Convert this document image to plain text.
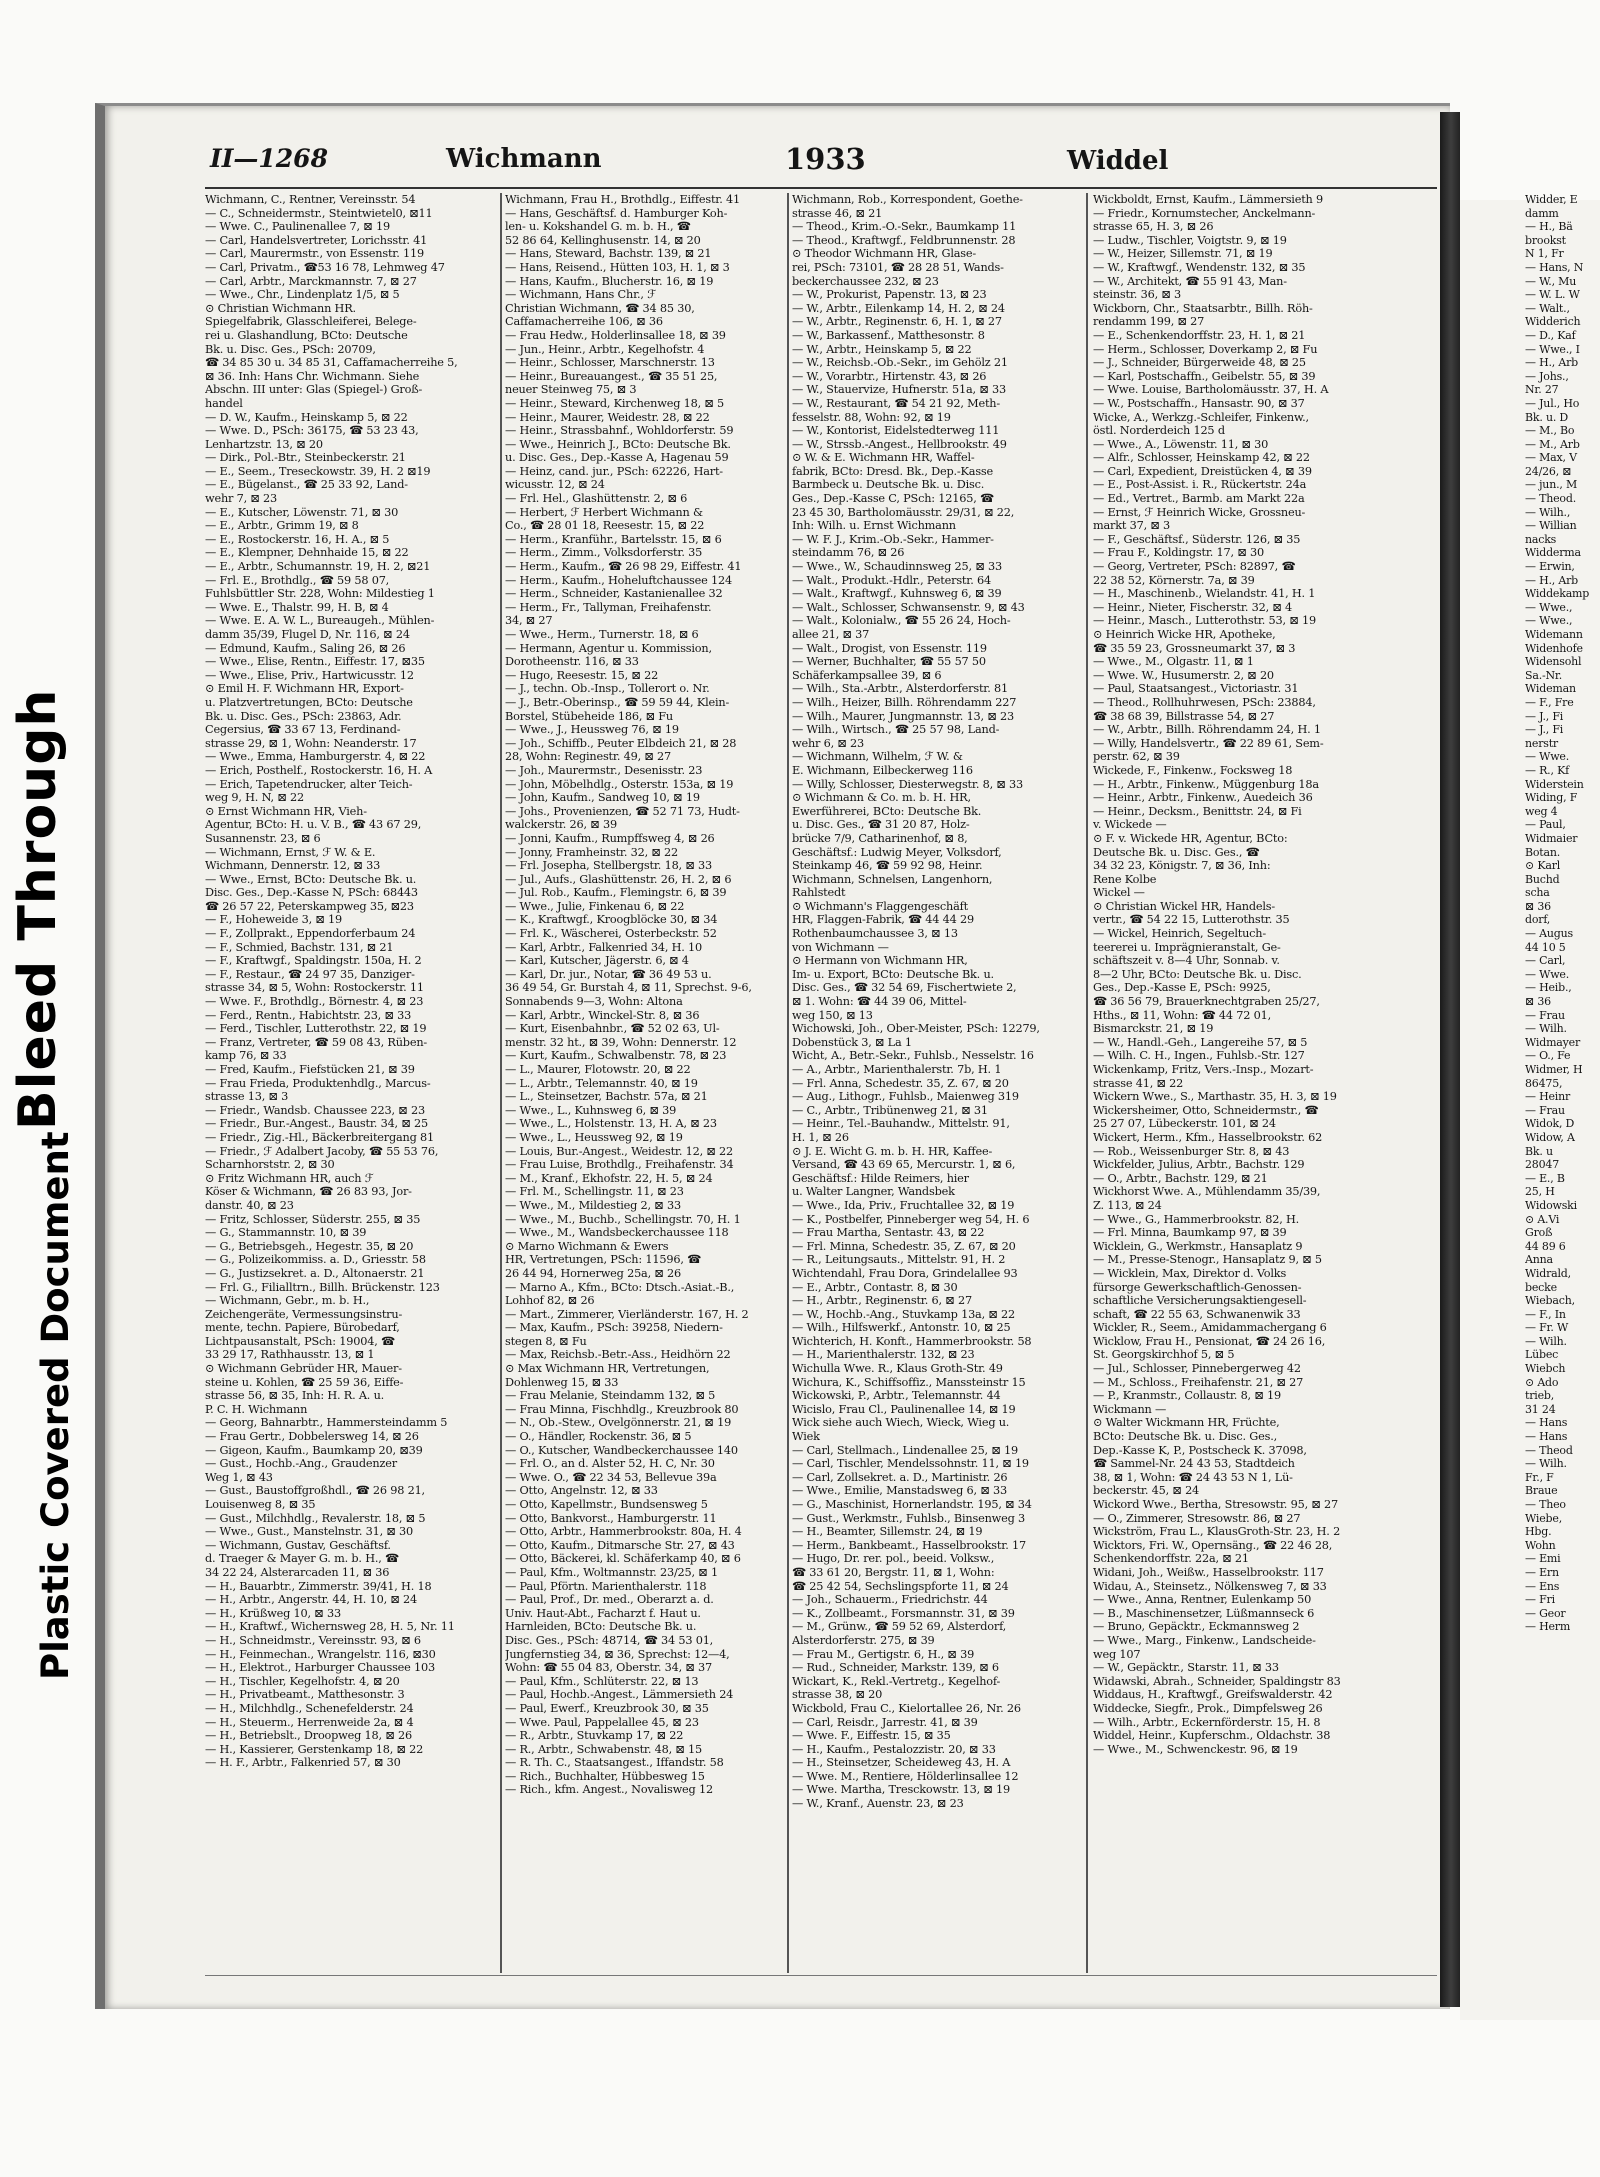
Bleed Through
Plastic Covered Document
II—1268	Wichmann	1933	Widdel
Wichmann, C., Rentner, Vereinsstr. 54
— C., Schneidermstr., Steintwietel0, ⊠11
— Wwe. C., Paulinenallee 7, ⊠ 19
— Carl, Handelsvertreter, Lorichsstr. 41
— Carl, Maurermstr., von Essenstr. 119
— Carl, Privatm., ☎53 16 78, Lehmweg 47
— Carl, Arbtr., Marckmannstr. 7, ⊠ 27
— Wwe., Chr., Lindenplatz 1/5, ⊠ 5
⊙ Christian Wichmann HR.
Spiegelfabrik, Glasschleiferei, Belege-
rei u. Glashandlung, BCto: Deutsche
Bk. u. Disc. Ges., PSch: 20709,
☎ 34 85 30 u. 34 85 31, Caffamacherreihe 5,
⊠ 36. Inh: Hans Chr. Wichmann. Siehe
Abschn. III unter: Glas (Spiegel-) Groß-
handel
— D. W., Kaufm., Heinskamp 5, ⊠ 22
— Wwe. D., PSch: 36175, ☎ 53 23 43,
Lenhartzstr. 13, ⊠ 20
— Dirk., Pol.-Btr., Steinbeckerstr. 21
— E., Seem., Treseckowstr. 39, H. 2 ⊠19
— E., Bügelanst., ☎ 25 33 92, Land-
wehr 7, ⊠ 23
— E., Kutscher, Löwenstr. 71, ⊠ 30
— E., Arbtr., Grimm 19, ⊠ 8
— E., Rostockerstr. 16, H. A., ⊠ 5
— E., Klempner, Dehnhaide 15, ⊠ 22
— E., Arbtr., Schumannstr. 19, H. 2, ⊠21
— Frl. E., Brothdlg., ☎ 59 58 07,
Fuhlsbüttler Str. 228, Wohn: Mildestieg 1
— Wwe. E., Thalstr. 99, H. B, ⊠ 4
— Wwe. E. A. W. L., Bureaugeh., Mühlen-
damm 35/39, Flugel D, Nr. 116, ⊠ 24
— Edmund, Kaufm., Saling 26, ⊠ 26
— Wwe., Elise, Rentn., Eiffestr. 17, ⊠35
— Wwe., Elise, Priv., Hartwicusstr. 12
⊙ Emil H. F. Wichmann HR, Export-
u. Platzvertretungen, BCto: Deutsche
Bk. u. Disc. Ges., PSch: 23863, Adr.
Cegersius, ☎ 33 67 13, Ferdinand-
strasse 29, ⊠ 1, Wohn: Neanderstr. 17
— Wwe., Emma, Hamburgerstr. 4, ⊠ 22
— Erich, Posthelf., Rostockerstr. 16, H. A
— Erich, Tapetendrucker, alter Teich-
weg 9, H. N, ⊠ 22
⊙ Ernst Wichmann HR, Vieh-
Agentur, BCto: H. u. V. B., ☎ 43 67 29,
Susannenstr. 23, ⊠ 6
— Wichmann, Ernst, ℱ W. & E.
Wichmann, Dennerstr. 12, ⊠ 33
— Wwe., Ernst, BCto: Deutsche Bk. u.
Disc. Ges., Dep.-Kasse N, PSch: 68443
☎ 26 57 22, Peterskampweg 35, ⊠23
— F., Hoheweide 3, ⊠ 19
— F., Zollprakt., Eppendorferbaum 24
— F., Schmied, Bachstr. 131, ⊠ 21
— F., Kraftwgf., Spaldingstr. 150a, H. 2
— F., Restaur., ☎ 24 97 35, Danziger-
strasse 34, ⊠ 5, Wohn: Rostockerstr. 11
— Wwe. F., Brothdlg., Börnestr. 4, ⊠ 23
— Ferd., Rentn., Habichtstr. 23, ⊠ 33
— Ferd., Tischler, Lutterothstr. 22, ⊠ 19
— Franz, Vertreter, ☎ 59 08 43, Rüben-
kamp 76, ⊠ 33
— Fred, Kaufm., Fiefstücken 21, ⊠ 39
— Frau Frieda, Produktenhdlg., Marcus-
strasse 13, ⊠ 3
— Friedr., Wandsb. Chaussee 223, ⊠ 23
— Friedr., Bur.-Angest., Baustr. 34, ⊠ 25
— Friedr., Zig.-Hl., Bäckerbreitergang 81
— Friedr., ℱ Adalbert Jacoby, ☎ 55 53 76,
Scharnhorststr. 2, ⊠ 30
⊙ Fritz Wichmann HR, auch ℱ
Köser & Wichmann, ☎ 26 83 93, Jor-
danstr. 40, ⊠ 23
— Fritz, Schlosser, Süderstr. 255, ⊠ 35
— G., Stammannstr. 10, ⊠ 39
— G., Betriebsgeh., Hegestr. 35, ⊠ 20
— G., Polizeikommiss. a. D., Griesstr. 58
— G., Justizsekret. a. D., Altonaerstr. 21
— Frl. G., Filialltrn., Billh. Brückenstr. 123
— Wichmann, Gebr., m. b. H.,
Zeichengeräte, Vermessungsinstru-
mente, techn. Papiere, Bürobedarf,
Lichtpausanstalt, PSch: 19004, ☎
33 29 17, Rathhausstr. 13, ⊠ 1
⊙ Wichmann Gebrüder HR, Mauer-
steine u. Kohlen, ☎ 25 59 36, Eiffe-
strasse 56, ⊠ 35, Inh: H. R. A. u.
P. C. H. Wichmann
— Georg, Bahnarbtr., Hammersteindamm 5
— Frau Gertr., Dobbelersweg 14, ⊠ 26
— Gigeon, Kaufm., Baumkamp 20, ⊠39
— Gust., Hochb.-Ang., Graudenzer
Weg 1, ⊠ 43
— Gust., Baustoffgroßhdl., ☎ 26 98 21,
Louisenweg 8, ⊠ 35
— Gust., Milchhdlg., Revalerstr. 18, ⊠ 5
— Wwe., Gust., Manstelnstr. 31, ⊠ 30
— Wichmann, Gustav, Geschäftsf.
d. Traeger & Mayer G. m. b. H., ☎
34 22 24, Alsterarcaden 11, ⊠ 36
— H., Bauarbtr., Zimmerstr. 39/41, H. 18
— H., Arbtr., Angerstr. 44, H. 10, ⊠ 24
— H., Krüßweg 10, ⊠ 33
— H., Kraftwf., Wichernsweg 28, H. 5, Nr. 11
— H., Schneidmstr., Vereinsstr. 93, ⊠ 6
— H., Feinmechan., Wrangelstr. 116, ⊠30
— H., Elektrot., Harburger Chaussee 103
— H., Tischler, Kegelhofstr. 4, ⊠ 20
— H., Privatbeamt., Matthesonstr. 3
— H., Milchhdlg., Schenefelderstr. 24
— H., Steuerm., Herrenweide 2a, ⊠ 4
— H., Betriebslt., Droopweg 18, ⊠ 26
— H., Kassierer, Gerstenkamp 18, ⊠ 22
— H. F., Arbtr., Falkenried 57, ⊠ 30
Wichmann, Frau H., Brothdlg., Eiffestr. 41
— Hans, Geschäftsf. d. Hamburger Koh-
len- u. Kokshandel G. m. b. H., ☎
52 86 64, Kellinghusenstr. 14, ⊠ 20
— Hans, Steward, Bachstr. 139, ⊠ 21
— Hans, Reisend., Hütten 103, H. 1, ⊠ 3
— Hans, Kaufm., Blucherstr. 16, ⊠ 19
— Wichmann, Hans Chr., ℱ
Christian Wichmann, ☎ 34 85 30,
Caffamacherreihe 106, ⊠ 36
— Frau Hedw., Holderlinsallee 18, ⊠ 39
— Jun., Heinr., Arbtr., Kegelhofstr. 4
— Heinr., Schlosser, Marschnerstr. 13
— Heinr., Bureauangest., ☎ 35 51 25,
neuer Steinweg 75, ⊠ 3
— Heinr., Steward, Kirchenweg 18, ⊠ 5
— Heinr., Maurer, Weidestr. 28, ⊠ 22
— Heinr., Strassbahnf., Wohldorferstr. 59
— Wwe., Heinrich J., BCto: Deutsche Bk.
u. Disc. Ges., Dep.-Kasse A, Hagenau 59
— Heinz, cand. jur., PSch: 62226, Hart-
wicusstr. 12, ⊠ 24
— Frl. Hel., Glashüttenstr. 2, ⊠ 6
— Herbert, ℱ Herbert Wichmann &
Co., ☎ 28 01 18, Reesestr. 15, ⊠ 22
— Herm., Kranführ., Bartelsstr. 15, ⊠ 6
— Herm., Zimm., Volksdorferstr. 35
— Herm., Kaufm., ☎ 26 98 29, Eiffestr. 41
— Herm., Kaufm., Hoheluftchaussee 124
— Herm., Schneider, Kastanienallee 32
— Herm., Fr., Tallyman, Freihafenstr.
34, ⊠ 27
— Wwe., Herm., Turnerstr. 18, ⊠ 6
— Hermann, Agentur u. Kommission,
Dorotheenstr. 116, ⊠ 33
— Hugo, Reesestr. 15, ⊠ 22
— J., techn. Ob.-Insp., Tollerort o. Nr.
— J., Betr.-Oberinsp., ☎ 59 59 44, Klein-
Borstel, Stübeheide 186, ⊠ Fu
— Wwe., J., Heussweg 76, ⊠ 19
— Joh., Schiffb., Peuter Elbdeich 21, ⊠ 28
28, Wohn: Reginestr. 49, ⊠ 27
— Joh., Maurermstr., Desenisstr. 23
— John, Möbelhdlg., Osterstr. 153a, ⊠ 19
— John, Kaufm., Sandweg 10, ⊠ 19
— Johs., Provenienzen, ☎ 52 71 73, Hudt-
walckerstr. 26, ⊠ 39
— Jonni, Kaufm., Rumpffsweg 4, ⊠ 26
— Jonny, Framheinstr. 32, ⊠ 22
— Frl. Josepha, Stellbergstr. 18, ⊠ 33
— Jul., Aufs., Glashüttenstr. 26, H. 2, ⊠ 6
— Jul. Rob., Kaufm., Flemingstr. 6, ⊠ 39
— Wwe., Julie, Finkenau 6, ⊠ 22
— K., Kraftwgf., Kroogblöcke 30, ⊠ 34
— Frl. K., Wäscherei, Osterbeckstr. 52
— Karl, Arbtr., Falkenried 34, H. 10
— Karl, Kutscher, Jägerstr. 6, ⊠ 4
— Karl, Dr. jur., Notar, ☎ 36 49 53 u.
36 49 54, Gr. Burstah 4, ⊠ 11, Sprechst. 9-6,
Sonnabends 9—3, Wohn: Altona
— Karl, Arbtr., Winckel-Str. 8, ⊠ 36
— Kurt, Eisenbahnbr., ☎ 52 02 63, Ul-
menstr. 32 ht., ⊠ 39, Wohn: Dennerstr. 12
— Kurt, Kaufm., Schwalbenstr. 78, ⊠ 23
— L., Maurer, Flotowstr. 20, ⊠ 22
— L., Arbtr., Telemannstr. 40, ⊠ 19
— L., Steinsetzer, Bachstr. 57a, ⊠ 21
— Wwe., L., Kuhnsweg 6, ⊠ 39
— Wwe., L., Holstenstr. 13, H. A, ⊠ 23
— Wwe., L., Heussweg 92, ⊠ 19
— Louis, Bur.-Angest., Weidestr. 12, ⊠ 22
— Frau Luise, Brothdlg., Freihafenstr. 34
— M., Kranf., Ekhofstr. 22, H. 5, ⊠ 24
— Frl. M., Schellingstr. 11, ⊠ 23
— Wwe., M., Mildestieg 2, ⊠ 33
— Wwe., M., Buchb., Schellingstr. 70, H. 1
— Wwe., M., Wandsbeckerchaussee 118
⊙ Marno Wichmann & Ewers
HR, Vertretungen, PSch: 11596, ☎
26 44 94, Hornerweg 25a, ⊠ 26
— Marno A., Kfm., BCto: Dtsch.-Asiat.-B.,
Lohhof 82, ⊠ 26
— Mart., Zimmerer, Vierländerstr. 167, H. 2
— Max, Kaufm., PSch: 39258, Niedern-
stegen 8, ⊠ Fu
— Max, Reichsb.-Betr.-Ass., Heidhörn 22
⊙ Max Wichmann HR, Vertretungen,
Dohlenweg 15, ⊠ 33
— Frau Melanie, Steindamm 132, ⊠ 5
— Frau Minna, Fischhdlg., Kreuzbrook 80
— N., Ob.-Stew., Ovelgönnerstr. 21, ⊠ 19
— O., Händler, Rockenstr. 36, ⊠ 5
— O., Kutscher, Wandbeckerchaussee 140
— Frl. O., an d. Alster 52, H. C, Nr. 30
— Wwe. O., ☎ 22 34 53, Bellevue 39a
— Otto, Angelnstr. 12, ⊠ 33
— Otto, Kapellmstr., Bundsensweg 5
— Otto, Bankvorst., Hamburgerstr. 11
— Otto, Arbtr., Hammerbrookstr. 80a, H. 4
— Otto, Kaufm., Ditmarsche Str. 27, ⊠ 43
— Otto, Bäckerei, kl. Schäferkamp 40, ⊠ 6
— Paul, Kfm., Woltmannstr. 23/25, ⊠ 1
— Paul, Pförtn. Marienthalerstr. 118
— Paul, Prof., Dr. med., Oberarzt a. d.
Univ. Haut-Abt., Facharzt f. Haut u.
Harnleiden, BCto: Deutsche Bk. u.
Disc. Ges., PSch: 48714, ☎ 34 53 01,
Jungfernstieg 34, ⊠ 36, Sprechst: 12—4,
Wohn: ☎ 55 04 83, Oberstr. 34, ⊠ 37
— Paul, Kfm., Schlüterstr. 22, ⊠ 13
— Paul, Hochb.-Angest., Lämmersieth 24
— Paul, Ewerf., Kreuzbrook 30, ⊠ 35
— Wwe. Paul, Pappelallee 45, ⊠ 23
— R., Arbtr., Stuvkamp 17, ⊠ 22
— R., Arbtr., Schwabenstr. 48, ⊠ 15
— R. Th. C., Staatsangest., Iffandstr. 58
— Rich., Buchhalter, Hübbesweg 15
— Rich., kfm. Angest., Novalisweg 12
Wichmann, Rob., Korrespondent, Goethe-
strasse 46, ⊠ 21
— Theod., Krim.-O.-Sekr., Baumkamp 11
— Theod., Kraftwgf., Feldbrunnenstr. 28
⊙ Theodor Wichmann HR, Glase-
rei, PSch: 73101, ☎ 28 28 51, Wands-
beckerchaussee 232, ⊠ 23
— W., Prokurist, Papenstr. 13, ⊠ 23
— W., Arbtr., Eilenkamp 14, H. 2, ⊠ 24
— W., Arbtr., Reginenstr. 6, H. 1, ⊠ 27
— W., Barkassenf., Matthesonstr. 8
— W., Arbtr., Heinskamp 5, ⊠ 22
— W., Reichsb.-Ob.-Sekr., im Gehölz 21
— W., Vorarbtr., Hirtenstr. 43, ⊠ 26
— W., Stauervize, Hufnerstr. 51a, ⊠ 33
— W., Restaurant, ☎ 54 21 92, Meth-
fesselstr. 88, Wohn: 92, ⊠ 19
— W., Kontorist, Eidelstedterweg 111
— W., Strssb.-Angest., Hellbrookstr. 49
⊙ W. & E. Wichmann HR, Waffel-
fabrik, BCto: Dresd. Bk., Dep.-Kasse
Barmbeck u. Deutsche Bk. u. Disc.
Ges., Dep.-Kasse C, PSch: 12165, ☎
23 45 30, Bartholomäusstr. 29/31, ⊠ 22,
Inh: Wilh. u. Ernst Wichmann
— W. F. J., Krim.-Ob.-Sekr., Hammer-
steindamm 76, ⊠ 26
— Wwe., W., Schaudinnsweg 25, ⊠ 33
— Walt., Produkt.-Hdlr., Peterstr. 64
— Walt., Kraftwgf., Kuhnsweg 6, ⊠ 39
— Walt., Schlosser, Schwansenstr. 9, ⊠ 43
— Walt., Kolonialw., ☎ 55 26 24, Hoch-
allee 21, ⊠ 37
— Walt., Drogist, von Essenstr. 119
— Werner, Buchhalter, ☎ 55 57 50
Schäferkampsallee 39, ⊠ 6
— Wilh., Sta.-Arbtr., Alsterdorferstr. 81
— Wilh., Heizer, Billh. Röhrendamm 227
— Wilh., Maurer, Jungmannstr. 13, ⊠ 23
— Wilh., Wirtsch., ☎ 25 57 98, Land-
wehr 6, ⊠ 23
— Wichmann, Wilhelm, ℱ W. &
E. Wichmann, Eilbeckerweg 116
— Willy, Schlosser, Diesterwegstr. 8, ⊠ 33
⊙ Wichmann & Co. m. b. H. HR,
Ewerführerei, BCto: Deutsche Bk.
u. Disc. Ges., ☎ 31 20 87, Holz-
brücke 7/9, Catharinenhof, ⊠ 8,
Geschäftsf.: Ludwig Meyer, Volksdorf,
Steinkamp 46, ☎ 59 92 98, Heinr.
Wichmann, Schnelsen, Langenhorn,
Rahlstedt
⊙ Wichmann's Flaggengeschäft
HR, Flaggen-Fabrik, ☎ 44 44 29
Rothenbaumchaussee 3, ⊠ 13
von Wichmann —
⊙ Hermann von Wichmann HR,
Im- u. Export, BCto: Deutsche Bk. u.
Disc. Ges., ☎ 32 54 69, Fischertwiete 2,
⊠ 1. Wohn: ☎ 44 39 06, Mittel-
weg 150, ⊠ 13
Wichowski, Joh., Ober-Meister, PSch: 12279,
Dobenstück 3, ⊠ La 1
Wicht, A., Betr.-Sekr., Fuhlsb., Nesselstr. 16
— A., Arbtr., Marienthalerstr. 7b, H. 1
— Frl. Anna, Schedestr. 35, Z. 67, ⊠ 20
— Aug., Lithogr., Fuhlsb., Maienweg 319
— C., Arbtr., Tribünenweg 21, ⊠ 31
— Heinr., Tel.-Bauhandw., Mittelstr. 91,
H. 1, ⊠ 26
⊙ J. E. Wicht G. m. b. H. HR, Kaffee-
Versand, ☎ 43 69 65, Mercurstr. 1, ⊠ 6,
Geschäftsf.: Hilde Reimers, hier
u. Walter Langner, Wandsbek
— Wwe., Ida, Priv., Fruchtallee 32, ⊠ 19
— K., Postbelfer, Pinneberger weg 54, H. 6
— Frau Martha, Sentastr. 43, ⊠ 22
— Frl. Minna, Schedestr. 35, Z. 67, ⊠ 20
— R., Leitungsauts., Mittelstr. 91, H. 2
Wichtendahl, Frau Dora, Grindelallee 93
— E., Arbtr., Contastr. 8, ⊠ 30
— H., Arbtr., Reginenstr. 6, ⊠ 27
— W., Hochb.-Ang., Stuvkamp 13a, ⊠ 22
— Wilh., Hilfswerkf., Antonstr. 10, ⊠ 25
Wichterich, H. Konft., Hammerbrookstr. 58
— H., Marienthalerstr. 132, ⊠ 23
Wichulla Wwe. R., Klaus Groth-Str. 49
Wichura, K., Schiffsoffiz., Manssteinstr 15
Wickowski, P., Arbtr., Telemannstr. 44
Wicislo, Frau Cl., Paulinenallee 14, ⊠ 19
Wick siehe auch Wiech, Wieck, Wieg u.
Wiek
— Carl, Stellmach., Lindenallee 25, ⊠ 19
— Carl, Tischler, Mendelssohnstr. 11, ⊠ 19
— Carl, Zollsekret. a. D., Martinistr. 26
— Wwe., Emilie, Manstadsweg 6, ⊠ 33
— G., Maschinist, Hornerlandstr. 195, ⊠ 34
— Gust., Werkmstr., Fuhlsb., Binsenweg 3
— H., Beamter, Sillemstr. 24, ⊠ 19
— Herm., Bankbeamt., Hasselbrookstr. 17
— Hugo, Dr. rer. pol., beeid. Volksw.,
☎ 33 61 20, Bergstr. 11, ⊠ 1, Wohn:
☎ 25 42 54, Sechslingspforte 11, ⊠ 24
— Joh., Schauerm., Friedrichstr. 44
— K., Zollbeamt., Forsmannstr. 31, ⊠ 39
— M., Grünw., ☎ 59 52 69, Alsterdorf,
Alsterdorferstr. 275, ⊠ 39
— Frau M., Gertigstr. 6, H., ⊠ 39
— Rud., Schneider, Markstr. 139, ⊠ 6
Wickart, K., Rekl.-Vertretg., Kegelhof-
strasse 38, ⊠ 20
Wickbold, Frau C., Kielortallee 26, Nr. 26
— Carl, Reisdr., Jarrestr. 41, ⊠ 39
— Wwe. F., Eiffestr. 15, ⊠ 35
— H., Kaufm., Pestalozzistr. 20, ⊠ 33
— H., Steinsetzer, Scheideweg 43, H. A
— Wwe. M., Rentiere, Hölderlinsallee 12
— Wwe. Martha, Tresckowstr. 13, ⊠ 19
— W., Kranf., Auenstr. 23, ⊠ 23
Wickboldt, Ernst, Kaufm., Lämmersieth 9
— Friedr., Kornumstecher, Anckelmann-
strasse 65, H. 3, ⊠ 26
— Ludw., Tischler, Voigtstr. 9, ⊠ 19
— W., Heizer, Sillemstr. 71, ⊠ 19
— W., Kraftwgf., Wendenstr. 132, ⊠ 35
— W., Architekt, ☎ 55 91 43, Man-
steinstr. 36, ⊠ 3
Wickborn, Chr., Staatsarbtr., Billh. Röh-
rendamm 199, ⊠ 27
— E., Schenkendorffstr. 23, H. 1, ⊠ 21
— Herm., Schlosser, Doverkamp 2, ⊠ Fu
— J., Schneider, Bürgerweide 48, ⊠ 25
— Karl, Postschaffn., Geibelstr. 55, ⊠ 39
— Wwe. Louise, Bartholomäusstr. 37, H. A
— W., Postschaffn., Hansastr. 90, ⊠ 37
Wicke, A., Werkzg.-Schleifer, Finkenw.,
östl. Norderdeich 125 d
— Wwe., A., Löwenstr. 11, ⊠ 30
— Alfr., Schlosser, Heinskamp 42, ⊠ 22
— Carl, Expedient, Dreistücken 4, ⊠ 39
— E., Post-Assist. i. R., Rückertstr. 24a
— Ed., Vertret., Barmb. am Markt 22a
— Ernst, ℱ Heinrich Wicke, Grossneu-
markt 37, ⊠ 3
— F., Geschäftsf., Süderstr. 126, ⊠ 35
— Frau F., Koldingstr. 17, ⊠ 30
— Georg, Vertreter, PSch: 82897, ☎
22 38 52, Körnerstr. 7a, ⊠ 39
— H., Maschinenb., Wielandstr. 41, H. 1
— Heinr., Nieter, Fischerstr. 32, ⊠ 4
— Heinr., Masch., Lutterothstr. 53, ⊠ 19
⊙ Heinrich Wicke HR, Apotheke,
☎ 35 59 23, Grossneumarkt 37, ⊠ 3
— Wwe., M., Olgastr. 11, ⊠ 1
— Wwe. W., Husumerstr. 2, ⊠ 20
— Paul, Staatsangest., Victoriastr. 31
— Theod., Rollhuhrwesen, PSch: 23884,
☎ 38 68 39, Billstrasse 54, ⊠ 27
— W., Arbtr., Billh. Röhrendamm 24, H. 1
— Willy, Handelsvertr., ☎ 22 89 61, Sem-
perstr. 62, ⊠ 39
Wickede, F., Finkenw., Focksweg 18
— H., Arbtr., Finkenw., Müggenburg 18a
— Heinr., Arbtr., Finkenw., Auedeich 36
— Heinr., Decksm., Benittstr. 24, ⊠ Fi
v. Wickede —
⊙ F. v. Wickede HR, Agentur, BCto:
Deutsche Bk. u. Disc. Ges., ☎
34 32 23, Königstr. 7, ⊠ 36, Inh:
Rene Kolbe
Wickel —
⊙ Christian Wickel HR, Handels-
vertr., ☎ 54 22 15, Lutterothstr. 35
— Wickel, Heinrich, Segeltuch-
teererei u. Imprägnieranstalt, Ge-
schäftszeit v. 8—4 Uhr, Sonnab. v.
8—2 Uhr, BCto: Deutsche Bk. u. Disc.
Ges., Dep.-Kasse E, PSch: 9925,
☎ 36 56 79, Brauerknechtgraben 25/27,
Hths., ⊠ 11, Wohn: ☎ 44 72 01,
Bismarckstr. 21, ⊠ 19
— W., Handl.-Geh., Langereihe 57, ⊠ 5
— Wilh. C. H., Ingen., Fuhlsb.-Str. 127
Wickenkamp, Fritz, Vers.-Insp., Mozart-
strasse 41, ⊠ 22
Wickern Wwe., S., Marthastr. 35, H. 3, ⊠ 19
Wickersheimer, Otto, Schneidermstr., ☎
25 27 07, Lübeckerstr. 101, ⊠ 24
Wickert, Herm., Kfm., Hasselbrookstr. 62
— Rob., Weissenburger Str. 8, ⊠ 43
Wickfelder, Julius, Arbtr., Bachstr. 129
— O., Arbtr., Bachstr. 129, ⊠ 21
Wickhorst Wwe. A., Mühlendamm 35/39,
Z. 113, ⊠ 24
— Wwe., G., Hammerbrookstr. 82, H.
— Frl. Minna, Baumkamp 97, ⊠ 39
Wicklein, G., Werkmstr., Hansaplatz 9
— M., Presse-Stenogr., Hansaplatz 9, ⊠ 5
— Wicklein, Max, Direktor d. Volks
fürsorge Gewerkschaftlich-Genossen-
schaftliche Versicherungsaktiengesell-
schaft, ☎ 22 55 63, Schwanenwik 33
Wickler, R., Seem., Amidammachergang 6
Wicklow, Frau H., Pensionat, ☎ 24 26 16,
St. Georgskirchhof 5, ⊠ 5
— Jul., Schlosser, Pinnebergerweg 42
— M., Schloss., Freihafenstr. 21, ⊠ 27
— P., Kranmstr., Collaustr. 8, ⊠ 19
Wickmann —
⊙ Walter Wickmann HR, Früchte,
BCto: Deutsche Bk. u. Disc. Ges.,
Dep.-Kasse K, P., Postscheck K. 37098,
☎ Sammel-Nr. 24 43 53, Stadtdeich
38, ⊠ 1, Wohn: ☎ 24 43 53 N 1, Lü-
beckerstr. 45, ⊠ 24
Wickord Wwe., Bertha, Stresowstr. 95, ⊠ 27
— O., Zimmerer, Stresowstr. 86, ⊠ 27
Wickström, Frau L., KlausGroth-Str. 23, H. 2
Wicktors, Fri. W., Opernsäng., ☎ 22 46 28,
Schenkendorffstr. 22a, ⊠ 21
Widani, Joh., Weißw., Hasselbrookstr. 117
Widau, A., Steinsetz., Nölkensweg 7, ⊠ 33
— Wwe., Anna, Rentner, Eulenkamp 50
— B., Maschinensetzer, Lüßmannseck 6
— Bruno, Gepäcktr., Eckmannsweg 2
— Wwe., Marg., Finkenw., Landscheide-
weg 107
— W., Gepäcktr., Starstr. 11, ⊠ 33
Widawski, Abrah., Schneider, Spaldingstr 83
Widdaus, H., Kraftwgf., Greifswalderstr. 42
Widdecke, Siegfr., Prok., Dimpfelsweg 26
— Wilh., Arbtr., Eckernförderstr. 15, H. 8
Widdel, Heinr., Kupferschm., Oldachstr. 38
— Wwe., M., Schwenckestr. 96, ⊠ 19
Widder, E
damm
— H., Bä
brookst
N 1, Fr
— Hans, N
— W., Mu
— W. L. W
— Walt.,
Widderich
— D., Kaf
— Wwe., I
— H., Arb
— Johs.,
Nr. 27
— Jul., Ho
Bk. u. D
— M., Bo
— M., Arb
— Max, V
24/26, ⊠
— jun., M
— Theod.
— Wilh.,
— Willian
nacks
Widderma
— Erwin,
— H., Arb
Widdekamp
— Wwe.,
— Wwe.,
Widemann
Widenhofe
Widensohl
Sa.-Nr.
Wideman
— F., Fre
— J., Fi
— J., Fi
nerstr
— Wwe.
— R., Kf
Widerstein
Widing, F
weg 4
— Paul,
Widmaier
Botan.
⊙ Karl
Buchd
scha
⊠ 36
dorf,
— Augus
44 10 5
— Carl,
— Wwe.
— Heib.,
⊠ 36
— Frau
— Wilh.
Widmayer
— O., Fe
Widmer, H
86475,
— Heinr
— Frau
Widok, D
Widow, A
Bk. u
28047
— E., B
25, H
Widowski
⊙ A.Vi
Groß
44 89 6
Anna
Widrald,
becke
Wiebach,
— F., In
— Fr. W
— Wilh.
Lübec
Wiebch
⊙ Ado
trieb,
31 24
— Hans
— Hans
— Theod
— Wilh.
Fr., F
Braue
— Theo
Wiebe,
Hbg.
Wohn
— Emi
— Ern
— Ens
— Fri
— Geor
— Herm
